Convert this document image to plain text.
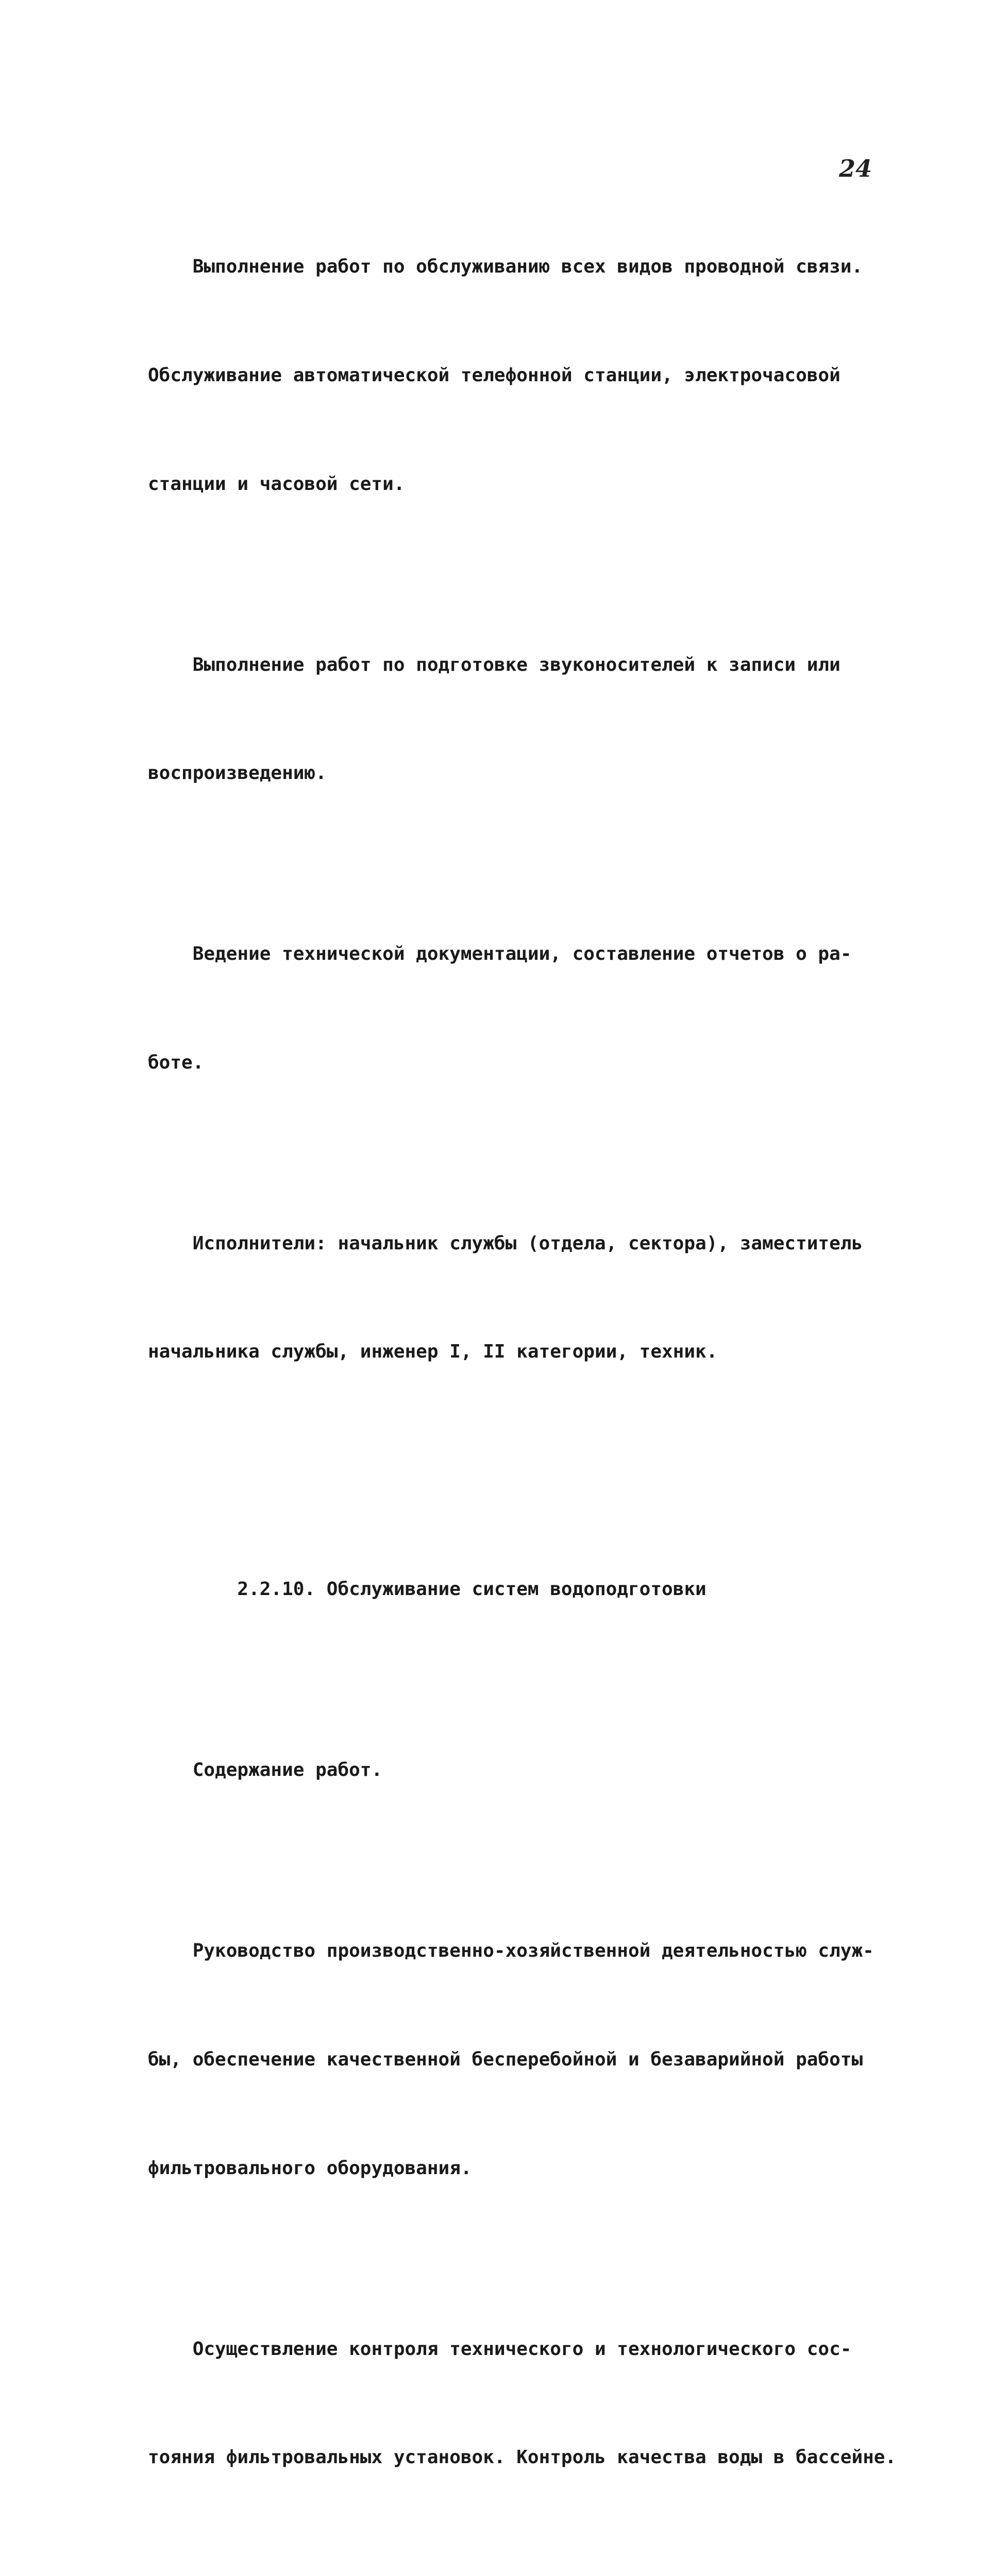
24

Выполнение работ по обслуживанию всех видов проводной связи.

Обслуживание автоматической телефонной станции, электрочасовой

станции и часовой сети.

Выполнение работ по подготовке звуконосителей к записи или

воспроизведению.

Ведение технической документации, составление отчетов о ра-

боте.

Исполнители: начальник службы (отдела, сектора), заместитель

начальника службы, инженер I, II категории, техник.

2.2.10. Обслуживание систем водоподготовки

Содержание работ.

Руководство производственно-хозяйственной деятельностью служ-

бы, обеспечение качественной бесперебойной и безаварийной работы

фильтровального оборудования.

Осуществление контроля технического и технологического сос-

тояния фильтровальных установок. Контроль качества воды в бассейне.
